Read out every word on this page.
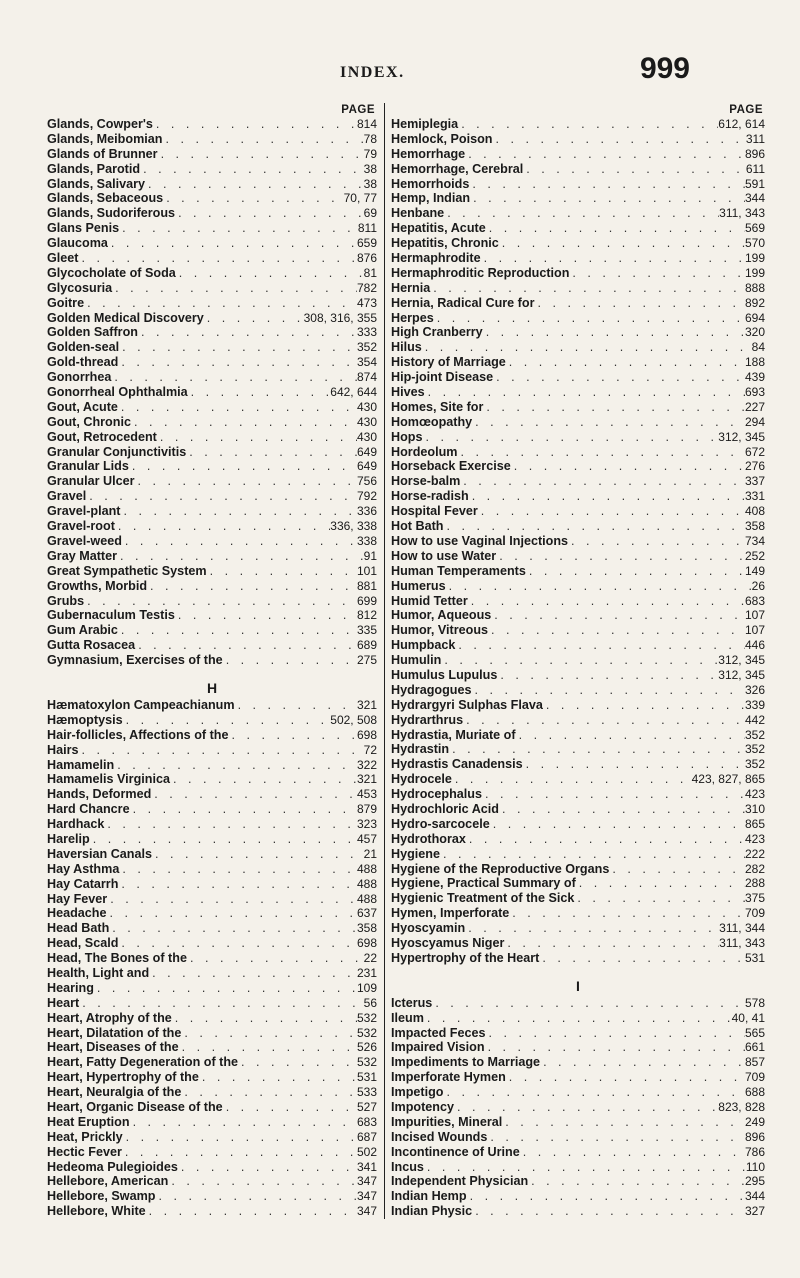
INDEX.	999
PAGE
Glands, Cowper's . . .	814
Glands, Meibomian . . .	78
Glands of Brunner . . .	79
Glands, Parotid . . .	38
Glands, Salivary . . .	38
Glands, Sebaceous . . .	70, 77
Glands, Sudoriferous . . .	69
Glans Penis . . .	811
Glaucoma . . .	659
Gleet . . .	876
Glycocholate of Soda . . .	81
Glycosuria . . .	782
Goitre . . .	473
Golden Medical Discovery . . .	308, 316, 355
Golden Saffron . . .	333
Golden-seal . . .	352
Gold-thread . . .	354
Gonorrhea . . .	874
Gonorrheal Ophthalmia . . .	642, 644
Gout, Acute . . .	430
Gout, Chronic . . .	430
Gout, Retrocedent . . .	430
Granular Conjunctivitis . . .	649
Granular Lids . . .	649
Granular Ulcer . . .	756
Gravel . . .	792
Gravel-plant . . .	336
Gravel-root . . .	336, 338
Gravel-weed . . .	338
Gray Matter . . .	91
Great Sympathetic System . . .	101
Growths, Morbid . . .	881
Grubs . . .	699
Gubernaculum Testis . . .	812
Gum Arabic . . .	335
Gutta Rosacea . . .	689
Gymnasium, Exercises of the . . .	275
H
Hæmatoxylon Campeachianum . . .	321
Hæmoptysis . . .	502, 508
Hair-follicles, Affections of the . . .	698
Hairs . . .	72
Hamamelin . . .	322
Hamamelis Virginica . . .	321
Hands, Deformed . . .	453
Hard Chancre . . .	879
Hardhack . . .	323
Harelip . . .	457
Haversian Canals . . .	21
Hay Asthma . . .	488
Hay Catarrh . . .	488
Hay Fever . . .	488
Headache . . .	637
Head Bath . . .	358
Head, Scald . . .	698
Head, The Bones of the . . .	22
Health, Light and . . .	231
Hearing . . .	109
Heart . . .	56
Heart, Atrophy of the . . .	532
Heart, Dilatation of the . . .	532
Heart, Diseases of the . . .	526
Heart, Fatty Degeneration of the . . .	532
Heart, Hypertrophy of the . . .	531
Heart, Neuralgia of the . . .	533
Heart, Organic Disease of the . . .	527
Heat Eruption . . .	683
Heat, Prickly . . .	687
Hectic Fever . . .	502
Hedeoma Pulegioides . . .	341
Hellebore, American . . .	347
Hellebore, Swamp . . .	347
Hellebore, White . . .	347
PAGE
Hemiplegia . . .	612, 614
Hemlock, Poison . . .	311
Hemorrhage . . .	896
Hemorrhage, Cerebral . . .	611
Hemorrhoids . . .	591
Hemp, Indian . . .	344
Henbane . . .	311, 343
Hepatitis, Acute . . .	569
Hepatitis, Chronic . . .	570
Hermaphrodite . . .	199
Hermaphroditic Reproduction . . .	199
Hernia . . .	888
Hernia, Radical Cure for . . .	892
Herpes . . .	694
High Cranberry . . .	320
Hilus . . .	84
History of Marriage . . .	188
Hip-joint Disease . . .	439
Hives . . .	693
Homes, Site for . . .	227
Homœopathy . . .	294
Hops . . .	312, 345
Hordeolum . . .	672
Horseback Exercise . . .	276
Horse-balm . . .	337
Horse-radish . . .	331
Hospital Fever . . .	408
Hot Bath . . .	358
How to use Vaginal Injections . . .	734
How to use Water . . .	252
Human Temperaments . . .	149
Humerus . . .	26
Humid Tetter . . .	683
Humor, Aqueous . . .	107
Humor, Vitreous . . .	107
Humpback . . .	446
Humulin . . .	312, 345
Humulus Lupulus . . .	312, 345
Hydragogues . . .	326
Hydrargyri Sulphas Flava . . .	339
Hydrarthrus . . .	442
Hydrastia, Muriate of . . .	352
Hydrastin . . .	352
Hydrastis Canadensis . . .	352
Hydrocele . . .	423, 827, 865
Hydrocephalus . . .	423
Hydrochloric Acid . . .	310
Hydro-sarcocele . . .	865
Hydrothorax . . .	423
Hygiene . . .	222
Hygiene of the Reproductive Organs . . .	282
Hygiene, Practical Summary of . . .	288
Hygienic Treatment of the Sick . . .	375
Hymen, Imperforate . . .	709
Hyoscyamin . . .	311, 344
Hyoscyamus Niger . . .	311, 343
Hypertrophy of the Heart . . .	531
I
Icterus . . .	578
Ileum . . .	40, 41
Impacted Feces . . .	565
Impaired Vision . . .	661
Impediments to Marriage . . .	857
Imperforate Hymen . . .	709
Impetigo . . .	688
Impotency . . .	823, 828
Impurities, Mineral . . .	249
Incised Wounds . . .	896
Incontinence of Urine . . .	786
Incus . . .	110
Independent Physician . . .	295
Indian Hemp . . .	344
Indian Physic . . .	327
